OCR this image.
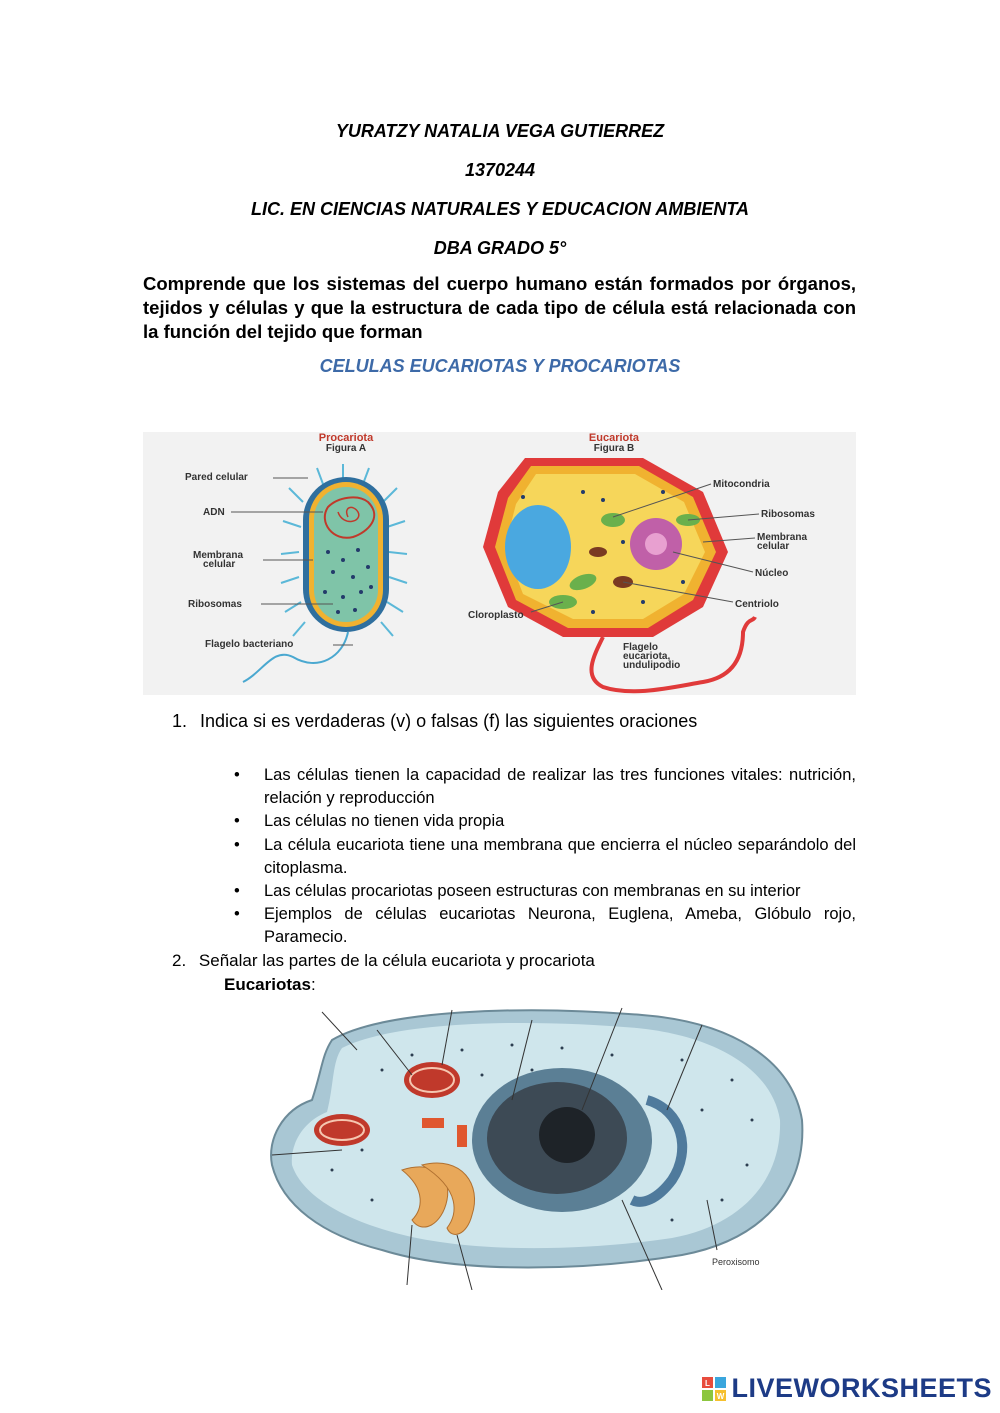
YURATZY NATALIA VEGA GUTIERREZ
1370244
LIC. EN CIENCIAS NATURALES Y EDUCACION AMBIENTA
DBA GRADO 5°
Comprende que los sistemas del cuerpo humano están formados por órganos, tejidos y células y que la estructura de cada tipo de célula está relacionada con la función del tejido que forman
CELULAS EUCARIOTAS Y PROCARIOTAS
Procariota
Figura A
Pared celular
ADN
Membrana
celular
Ribosomas
Flagelo bacteriano
Eucariota
Figura B
Mitocondria
Ribosomas
Membrana
celular
Núcleo
Centriolo
Cloroplasto
Flagelo
eucariota,
undulipodio
1. Indica si es verdaderas (v) o falsas (f) las siguientes oraciones
• Las células tienen la capacidad de realizar las tres funciones vitales: nutrición, relación y reproducción
• Las células no tienen vida propia
• La célula eucariota tiene una membrana que encierra el núcleo separándolo del citoplasma.
• Las células procariotas poseen estructuras con membranas en su interior
• Ejemplos de células eucariotas Neurona, Euglena, Ameba, Glóbulo rojo, Paramecio.
2. Señalar las partes de la célula eucariota y procariota
Eucariotas:
Peroxisomo
L
W LIVEWORKSHEETS
